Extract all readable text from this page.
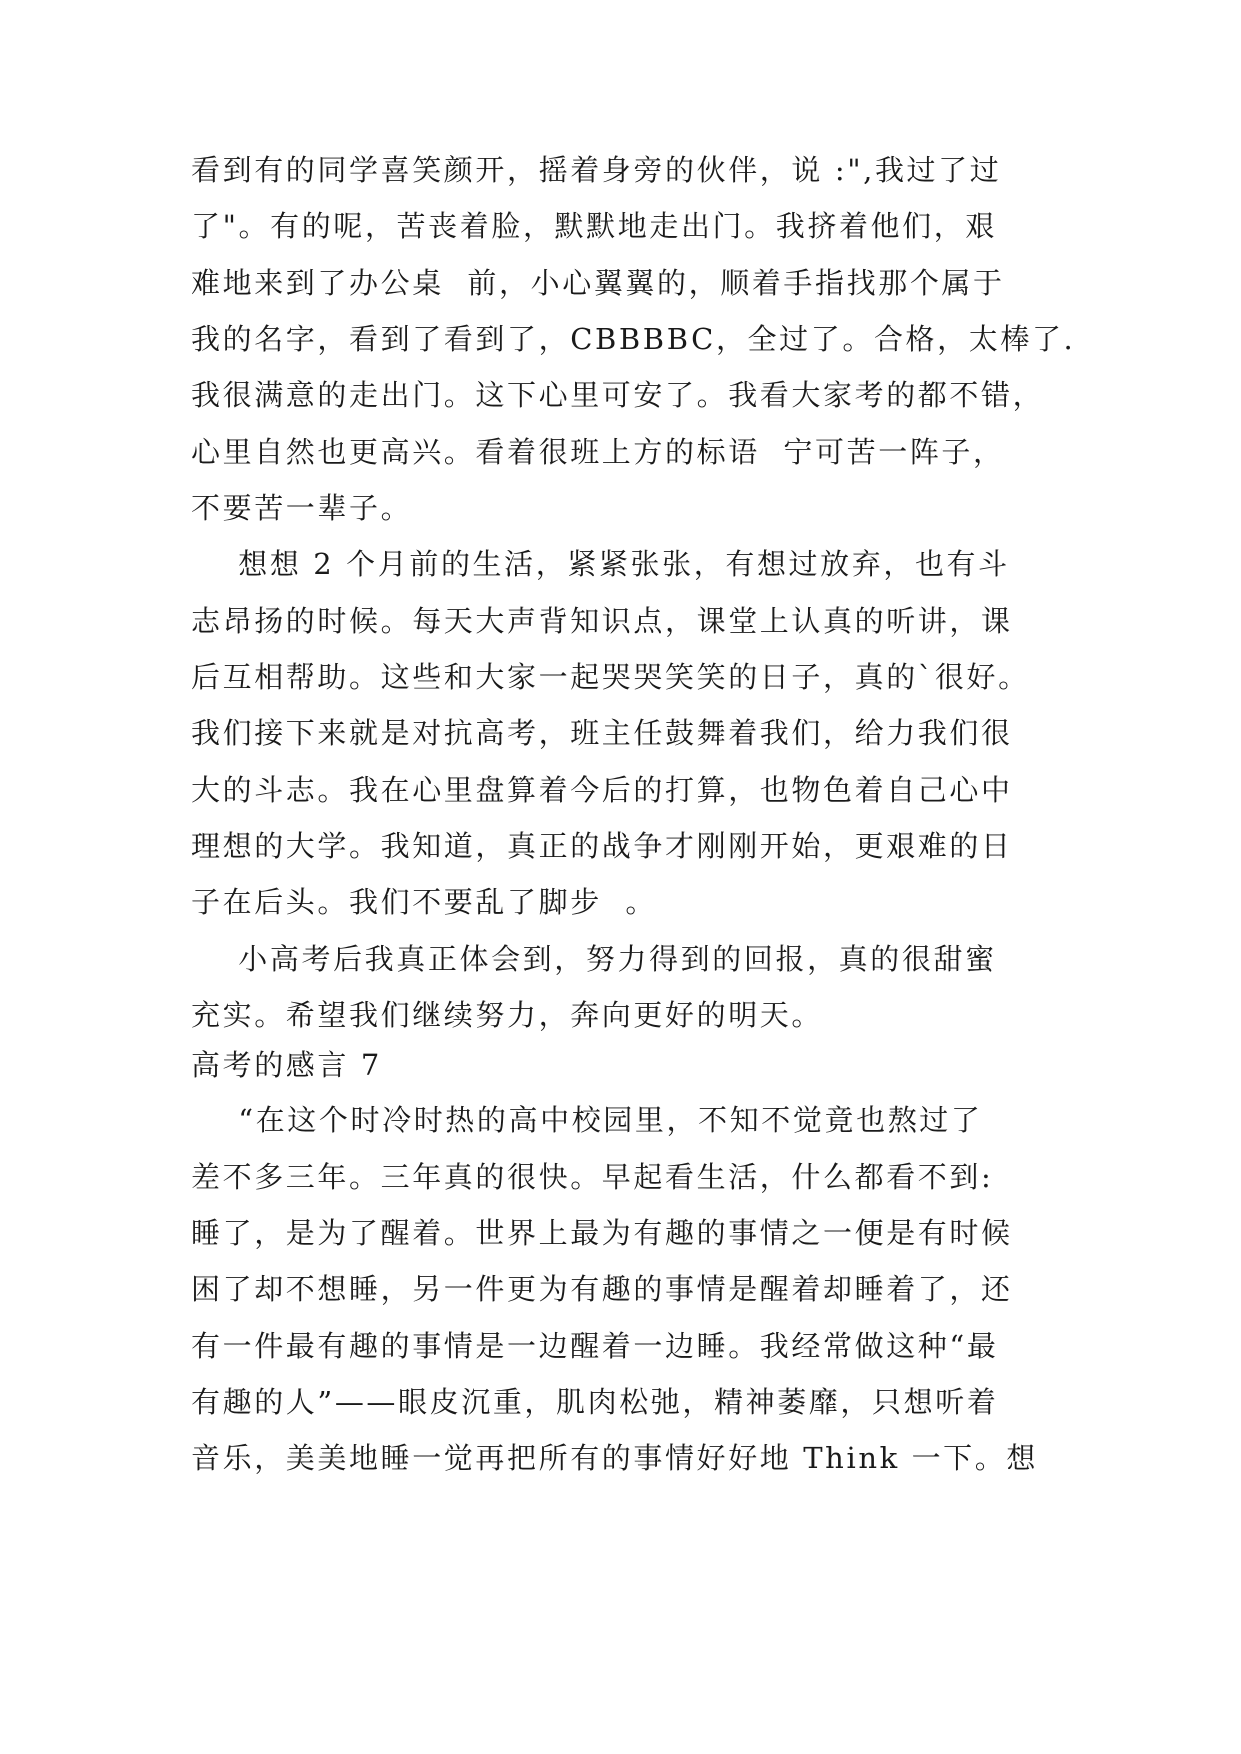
看到有的同学喜笑颜开，摇着身旁的伙伴，说 :",我过了过
了"。有的呢，苦丧着脸，默默地走出门。我挤着他们，艰
难地来到了办公桌  前，小心翼翼的，顺着手指找那个属于
我的名字，看到了看到了，CBBBBC，全过了。合格，太棒了.
我很满意的走出门。这下心里可安了。我看大家考的都不错，
心里自然也更高兴。看着很班上方的标语  宁可苦一阵子，
不要苦一辈子。
想想 2 个月前的生活，紧紧张张，有想过放弃，也有斗
志昂扬的时候。每天大声背知识点，课堂上认真的听讲，课
后互相帮助。这些和大家一起哭哭笑笑的日子，真的`很好。
我们接下来就是对抗高考，班主任鼓舞着我们，给力我们很
大的斗志。我在心里盘算着今后的打算，也物色着自己心中
理想的大学。我知道，真正的战争才刚刚开始，更艰难的日
子在后头。我们不要乱了脚步  。
小高考后我真正体会到，努力得到的回报，真的很甜蜜
充实。希望我们继续努力，奔向更好的明天。
高考的感言 7
“在这个时冷时热的高中校园里，不知不觉竟也熬过了
差不多三年。三年真的很快。早起看生活，什么都看不到:
睡了，是为了醒着。世界上最为有趣的事情之一便是有时候
困了却不想睡，另一件更为有趣的事情是醒着却睡着了，还
有一件最有趣的事情是一边醒着一边睡。我经常做这种“最
有趣的人”——眼皮沉重，肌肉松弛，精神萎靡，只想听着
音乐，美美地睡一觉再把所有的事情好好地 Think 一下。想
